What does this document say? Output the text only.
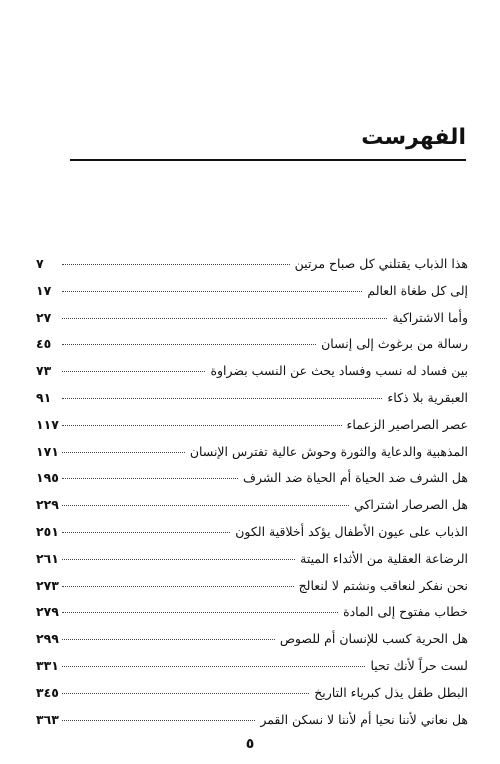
الفهرست
هذا الذباب يقتلني كل صباح مرتين
٧
إلى كل طغاة العالم
١٧
وأما الاشتراكية
٢٧
رسالة من برغوث إلى إنسان
٤٥
بين فساد له نسب وفساد يحث عن النسب بضراوة
٧٣
العبقرية بلا ذكاء
٩١
عصر الصراصير الزعماء
١١٧
المذهبية والدعاية والثورة وحوش عالية تفترس الإنسان
١٧١
هل الشرف ضد الحياة أم الحياة ضد الشرف
١٩٥
هل الصرصار اشتراكي
٢٢٩
الذباب على عيون الأطفال يؤكد أخلاقية الكون
٢٥١
الرضاعة العقلية من الأثداء الميتة
٢٦١
نحن نفكر لنعاقب ونشتم لا لنعالج
٢٧٣
خطاب مفتوح إلى المادة
٢٧٩
هل الحرية كسب للإنسان أم للصوص
٢٩٩
لست حراً لأنك تحيا
٣٣١
البطل طفل يذل كبرياء التاريخ
٣٤٥
هل نعاني لأننا نحيا أم لأننا لا نسكن القمر
٣٦٣
٥
